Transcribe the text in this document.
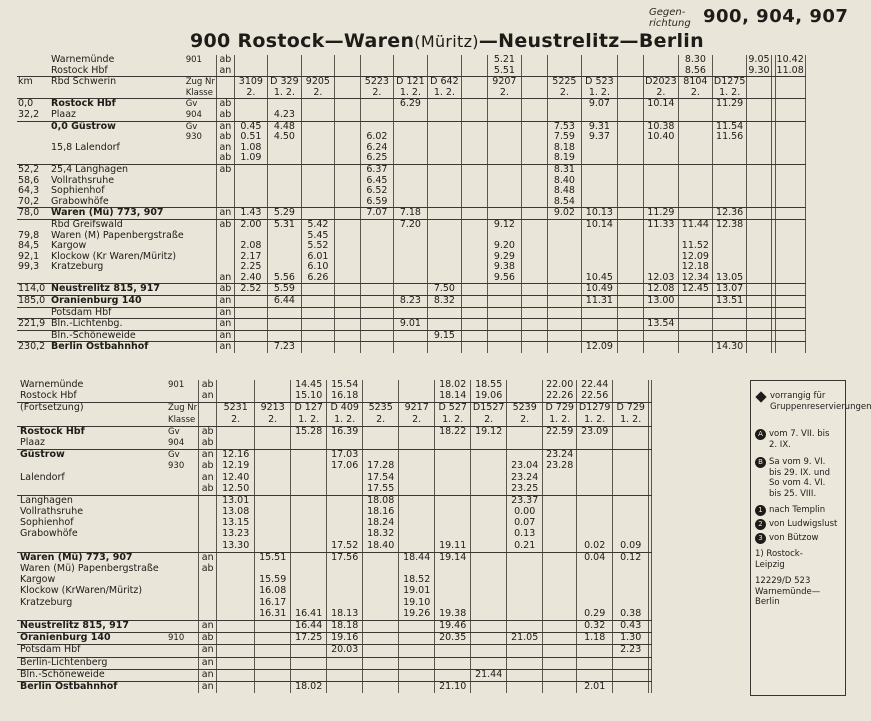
Gegen-
richtung 900, 904, 907
900 Rostock—Waren(Müritz)—Neustrelitz—Berlin
	Warnemünde	901	ab									5.21						8.30		9.05		10.42
	Rostock Hbf		an									5.51						8.56		9.30		11.08
km	Rbd Schwerin	Zug Nr		3109	D 329	9205		5223	D 121	D 642		9207		5225	D 523		D2023	8104	D1275			
		Klasse		2.	1. 2.	2.		2.	1. 2.	1. 2.		2.		2.	1. 2.		2.	2.	1. 2.			
0,0	Rostock Hbf	Gv	ab						6.29						9.07		10.14		11.29			
32,2	Plaaz	904	ab		4.23																	
	0,0 Güstrow	Gv	an	0.45	4.48									7.53	9.31		10.38		11.54			
		930	ab	0.51	4.50			6.02						7.59	9.37		10.40		11.56			
	15,8 Lalendorf		an	1.08				6.24						8.18								
			ab	1.09				6.25						8.19								
52,2	25,4 Langhagen		ab					6.37						8.31								
58,6	Vollrathsruhe							6.45						8.40								
64,3	Sophienhof							6.52						8.48								
70,2	Grabowhöfe							6.59						8.54								
78,0	Waren (Mü) 773, 907		an	1.43	5.29			7.07	7.18					9.02	10.13		11.29		12.36			
	Rbd Greifswald		ab	2.00	5.31	5.42			7.20			9.12			10.14		11.33	11.44	12.38			
79,8	Waren (M) Papenbergstraße					5.45																
84,5	Kargow			2.08		5.52						9.20						11.52				
92,1	Klockow (Kr Waren/Müritz)			2.17		6.01						9.29						12.09				
99,3	Kratzeburg			2.25		6.10						9.38						12.18				
			an	2.40	5.56	6.26						9.56			10.45		12.03	12.34	13.05			
114,0	Neustrelitz 815, 917		ab	2.52	5.59					7.50					10.49		12.08	12.45	13.07			
185,0	Oranienburg 140		an		6.44				8.23	8.32					11.31		13.00		13.51			
	Potsdam Hbf		an																			
221,9	Bln.-Lichtenbg.		an						9.01								13.54					
	Bln.-Schöneweide		an							9.15												
230,2	Berlin Ostbahnhof		an		7.23										12.09				14.30			
	Warnemünde	901	ab			14.45	15.54			18.02	18.55		22.00	22.44		
	Rostock Hbf		an			15.10	16.18			18.14	19.06		22.26	22.56		
	(Fortsetzung)	Zug Nr		5231	9213	D 127	D 409	5235	9217	D 527	D1527	5239	D 729	D1279	D 729	
		Klasse		2.	2.	1. 2.	1. 2.	2.	2.	1. 2.	2.	2.	1. 2.	1. 2.	1. 2.	
	Rostock Hbf	Gv	ab			15.28	16.39			18.22	19.12		22.59	23.09		
	Plaaz	904	ab													
	Güstrow	Gv	an	12.16			17.03						23.24			
		930	ab	12.19			17.06	17.28				23.04	23.28			
	Lalendorf		an	12.40				17.54				23.24				
			ab	12.50				17.55				23.25				
	Langhagen			13.01				18.08				23.37				
	Vollrathsruhe			13.08				18.16				0.00				
	Sophienhof			13.15				18.24				0.07				
	Grabowhöfe			13.23				18.32				0.13				
				13.30			17.52	18.40		19.11		0.21		0.02	0.09	
	Waren (Mü) 773, 907		an		15.51		17.56		18.44	19.14				0.04	0.12	
	Waren (Mü) Papenbergstraße		ab													
	Kargow				15.59				18.52							
	Klockow (KrWaren/Müritz)				16.08				19.01							
	Kratzeburg				16.17				19.10							
					16.31	16.41	18.13		19.26	19.38				0.29	0.38	
	Neustrelitz 815, 917		an			16.44	18.18			19.46				0.32	0.43	
	Oranienburg 140	910	ab			17.25	19.16			20.35		21.05		1.18	1.30	
	Potsdam Hbf		an				20.03								2.23	
	Berlin-Lichtenberg		an													
	Bln.-Schöneweide		an								21.44					
	Berlin Ostbahnhof		an			18.02				21.10				2.01		
vorrangig für Gruppenreservierungen
A vom 7. VII. bis 2. IX.
B Sa vom 9. VI. bis 29. IX. und So vom 4. VI. bis 25. VIII.
1 nach Templin
2 von Ludwigslust
3 von Bützow
1) Rostock-Leipzig
12229/D 523 Warnemünde—Berlin
